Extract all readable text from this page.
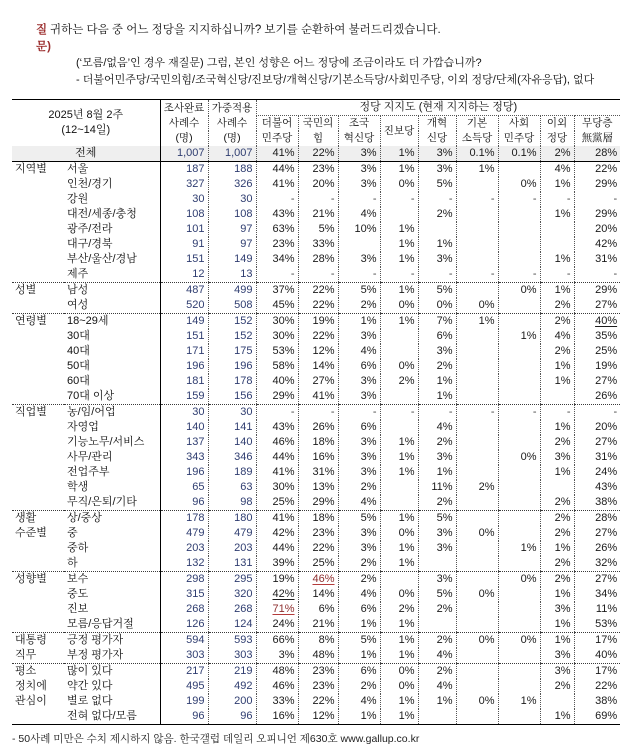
질문)
귀하는 다음 중 어느 정당을 지지하십니까? 보기를 순환하여 불러드리겠습니다.
(‘모름/없음’인 경우 재질문) 그럼, 본인 성향은 어느 정당에 조금이라도 더 가깝습니까?
- 더불어민주당/국민의힘/조국혁신당/진보당/개혁신당/기본소득당/사회민주당, 이외 정당/단체(자유응답), 없다
2025년 8월 2주
(12~14일)		조사완료	가중적용	정당 지지도 (현재 지지하는 정당)								
		사례수	사례수	더불어	국민의	조국	진보당	개혁	기본	사회	이외	무당층
		(명)	(명)	민주당	힘	혁신당		신당	소득당	민주당	정당	無黨層
전체		1,007	1,007	41%	22%	3%	1%	3%	0.1%	0.1%	2%	28%
지역별	서울	187	188	44%	23%	3%	1%	3%	1%		4%	22%
	인천/경기	327	326	41%	20%	3%	0%	5%		0%	1%	29%
	강원	30	30	-	-	-	-	-	-	-	-	-
	대전/세종/충청	108	108	43%	21%	4%		2%			1%	29%
	광주/전라	101	97	63%	5%	10%	1%					20%
	대구/경북	91	97	23%	33%		1%	1%				42%
	부산/울산/경남	151	149	34%	28%	3%	1%	3%			1%	31%
	제주	12	13	-	-	-	-	-	-	-	-	-
성별	남성	487	499	37%	22%	5%	1%	5%		0%	1%	29%
	여성	520	508	45%	22%	2%	0%	0%	0%		2%	27%
연령별	18~29세	149	152	30%	19%	1%	1%	7%	1%		2%	40%
	30대	151	152	30%	22%	3%		6%		1%	4%	35%
	40대	171	175	53%	12%	4%		3%			2%	25%
	50대	196	196	58%	14%	6%	0%	2%			1%	19%
	60대	181	178	40%	27%	3%	2%	1%			1%	27%
	70대 이상	159	156	29%	41%	3%		1%				26%
직업별	농/임/어업	30	30	-	-	-	-	-	-	-	-	-
	자영업	140	141	43%	26%	6%		4%			1%	20%
	기능노무/서비스	137	140	46%	18%	3%	1%	2%			2%	27%
	사무/관리	343	346	44%	16%	3%	1%	3%		0%	3%	31%
	전업주부	196	189	41%	31%	3%	1%	1%			1%	24%
	학생	65	63	30%	13%	2%		11%	2%			43%
	무직/은퇴/기타	96	98	25%	29%	4%		2%			2%	38%
생활	상/중상	178	180	41%	18%	5%	1%	5%			2%	28%
수준별	중	479	479	42%	23%	3%	0%	3%	0%		2%	27%
	중하	203	203	44%	22%	3%	1%	3%		1%	1%	26%
	하	132	131	39%	25%	2%	1%				2%	32%
성향별	보수	298	295	19%	46%	2%		3%		0%	2%	27%
	중도	315	320	42%	14%	4%	0%	5%	0%		1%	34%
	진보	268	268	71%	6%	6%	2%	2%			3%	11%
	모름/응답거절	126	124	24%	21%	1%	1%				1%	53%
대통령	긍정 평가자	594	593	66%	8%	5%	1%	2%	0%	0%	1%	17%
직무	부정 평가자	303	303	3%	48%	1%	1%	4%			3%	40%
평소	많이 있다	217	219	48%	23%	6%	0%	2%			3%	17%
정치에	약간 있다	495	492	46%	23%	2%	0%	4%			2%	22%
관심이	별로 없다	199	200	33%	22%	4%	1%	1%	0%	1%		38%
	전혀 없다/모름	96	96	16%	12%	1%	1%				1%	69%
- 50사례 미만은 수치 제시하지 않음. 한국갤럽 데일리 오피니언 제630호 www.gallup.co.kr
